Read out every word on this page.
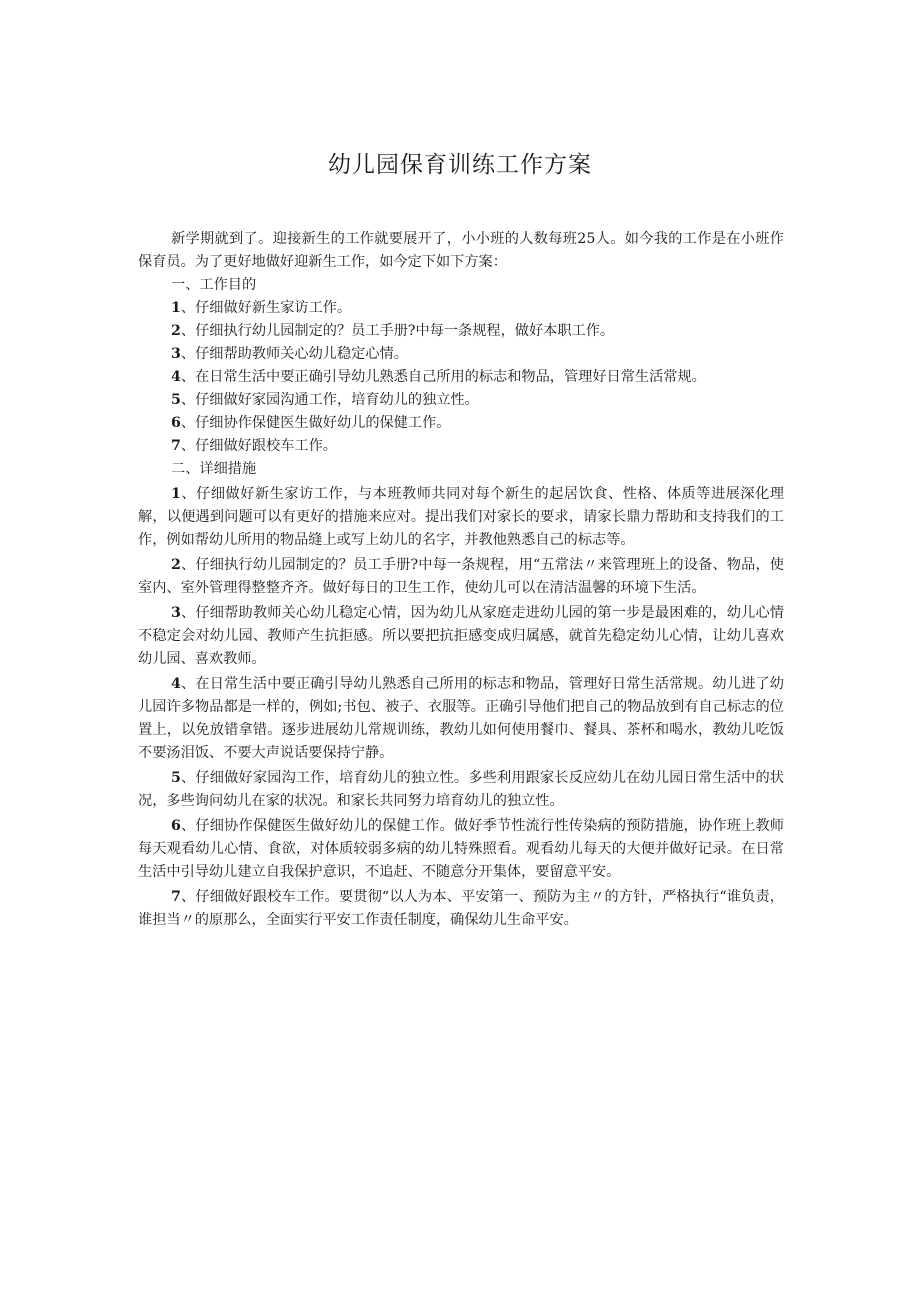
幼儿园保育训练工作方案

新学期就到了。迎接新生的工作就要展开了，小小班的人数每班25人。如今我的工作是在小班作保育员。为了更好地做好迎新生工作，如今定下如下方案：

一、工作目的

1、仔细做好新生家访工作。

2、仔细执行幼儿园制定的？员工手册?中每一条规程，做好本职工作。

3、仔细帮助教师关心幼儿稳定心情。

4、在日常生活中要正确引导幼儿熟悉自己所用的标志和物品，管理好日常生活常规。

5、仔细做好家园沟通工作，培育幼儿的独立性。

6、仔细协作保健医生做好幼儿的保健工作。

7、仔细做好跟校车工作。

二、详细措施

1、仔细做好新生家访工作，与本班教师共同对每个新生的起居饮食、性格、体质等进展深化理解，以便遇到问题可以有更好的措施来应对。提出我们对家长的要求，请家长鼎力帮助和支持我们的工作，例如帮幼儿所用的物品缝上或写上幼儿的名字，并教他熟悉自己的标志等。

2、仔细执行幼儿园制定的？员工手册?中每一条规程，用“五常法〃来管理班上的设备、物品，使室内、室外管理得整整齐齐。做好每日的卫生工作，使幼儿可以在清洁温馨的环境下生活。

3、仔细帮助教师关心幼儿稳定心情，因为幼儿从家庭走进幼儿园的第一步是最困难的，幼儿心情不稳定会对幼儿园、教师产生抗拒感。所以要把抗拒感变成归属感，就首先稳定幼儿心情，让幼儿喜欢幼儿园、喜欢教师。

4、在日常生活中要正确引导幼儿熟悉自己所用的标志和物品，管理好日常生活常规。幼儿进了幼儿园许多物品都是一样的，例如;书包、被子、衣服等。正确引导他们把自己的物品放到有自己标志的位置上，以免放错拿错。逐步进展幼儿常规训练，教幼儿如何使用餐巾、餐具、茶杯和喝水，教幼儿吃饭不要汤泪饭、不要大声说话要保持宁静。

5、仔细做好家园沟工作，培育幼儿的独立性。多些利用跟家长反应幼儿在幼儿园日常生活中的状况，多些询问幼儿在家的状况。和家长共同努力培育幼儿的独立性。

6、仔细协作保健医生做好幼儿的保健工作。做好季节性流行性传染病的预防措施，协作班上教师每天观看幼儿心情、食欲，对体质较弱多病的幼儿特殊照看。观看幼儿每天的大便并做好记录。在日常生活中引导幼儿建立自我保护意识，不追赶、不随意分开集体，要留意平安。

7、仔细做好跟校车工作。要贯彻“以人为本、平安第一、预防为主〃的方针，严格执行“谁负责，谁担当〃的原那么，全面实行平安工作责任制度，确保幼儿生命平安。
